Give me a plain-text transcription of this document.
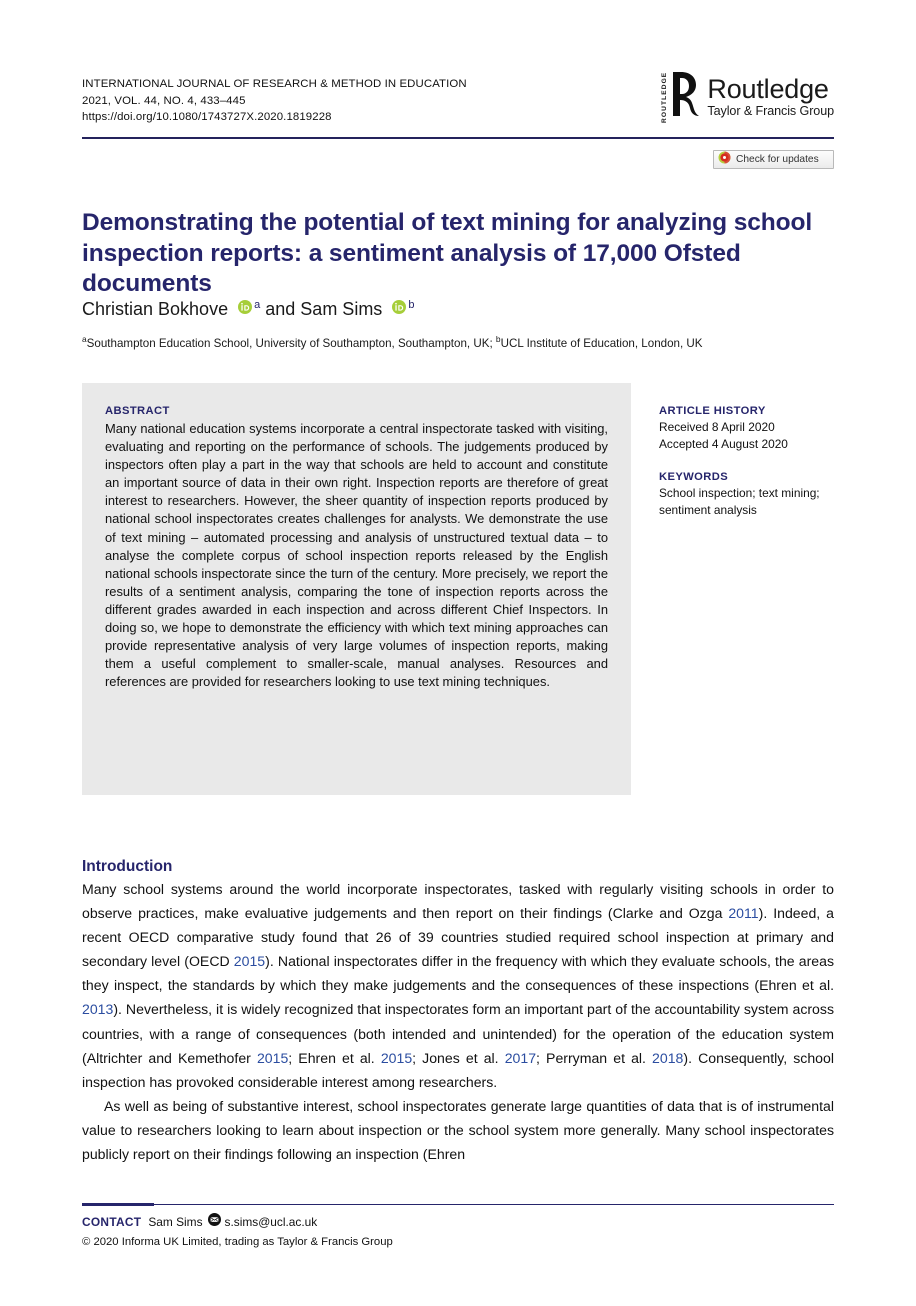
INTERNATIONAL JOURNAL OF RESEARCH & METHOD IN EDUCATION
2021, VOL. 44, NO. 4, 433–445
https://doi.org/10.1080/1743727X.2020.1819228	ROUTLEDGE Routledge
Taylor & Francis Group
Check for updates
Demonstrating the potential of text mining for analyzing school inspection reports: a sentiment analysis of 17,000 Ofsted documents
Christian Bokhove $^a$ and Sam Sims $^b$
$^a$Southampton Education School, University of Southampton, Southampton, UK; $^b$UCL Institute of Education, London, UK
ABSTRACT
Many national education systems incorporate a central inspectorate tasked with visiting, evaluating and reporting on the performance of schools. The judgements produced by inspectors often play a part in the way that schools are held to account and constitute an important source of data in their own right. Inspection reports are therefore of great interest to researchers. However, the sheer quantity of inspection reports produced by national school inspectorates creates challenges for analysts. We demonstrate the use of text mining – automated processing and analysis of unstructured textual data – to analyse the complete corpus of school inspection reports released by the English national schools inspectorate since the turn of the century. More precisely, we report the results of a sentiment analysis, comparing the tone of inspection reports across the different grades awarded in each inspection and across different Chief Inspectors. In doing so, we hope to demonstrate the efficiency with which text mining approaches can provide representative analysis of very large volumes of inspection reports, making them a useful complement to smaller-scale, manual analyses. Resources and references are provided for researchers looking to use text mining techniques.
ARTICLE HISTORY
Received 8 April 2020
Accepted 4 August 2020
KEYWORDS
School inspection; text mining; sentiment analysis
Introduction

Many school systems around the world incorporate inspectorates, tasked with regularly visiting schools in order to observe practices, make evaluative judgements and then report on their findings (Clarke and Ozga 2011). Indeed, a recent OECD comparative study found that 26 of 39 countries studied required school inspection at primary and secondary level (OECD 2015). National inspectorates differ in the frequency with which they evaluate schools, the areas they inspect, the standards by which they make judgements and the consequences of these inspections (Ehren et al. 2013). Nevertheless, it is widely recognized that inspectorates form an important part of the accountability system across countries, with a range of consequences (both intended and unintended) for the operation of the education system (Altrichter and Kemethofer 2015; Ehren et al. 2015; Jones et al. 2017; Perryman et al. 2018). Consequently, school inspection has provoked considerable interest among researchers.

As well as being of substantive interest, school inspectorates generate large quantities of data that is of instrumental value to researchers looking to learn about inspection or the school system more generally. Many school inspectorates publicly report on their findings following an inspection (Ehren

CONTACT Sam Sims s.sims@ucl.ac.uk
© 2020 Informa UK Limited, trading as Taylor & Francis Group
